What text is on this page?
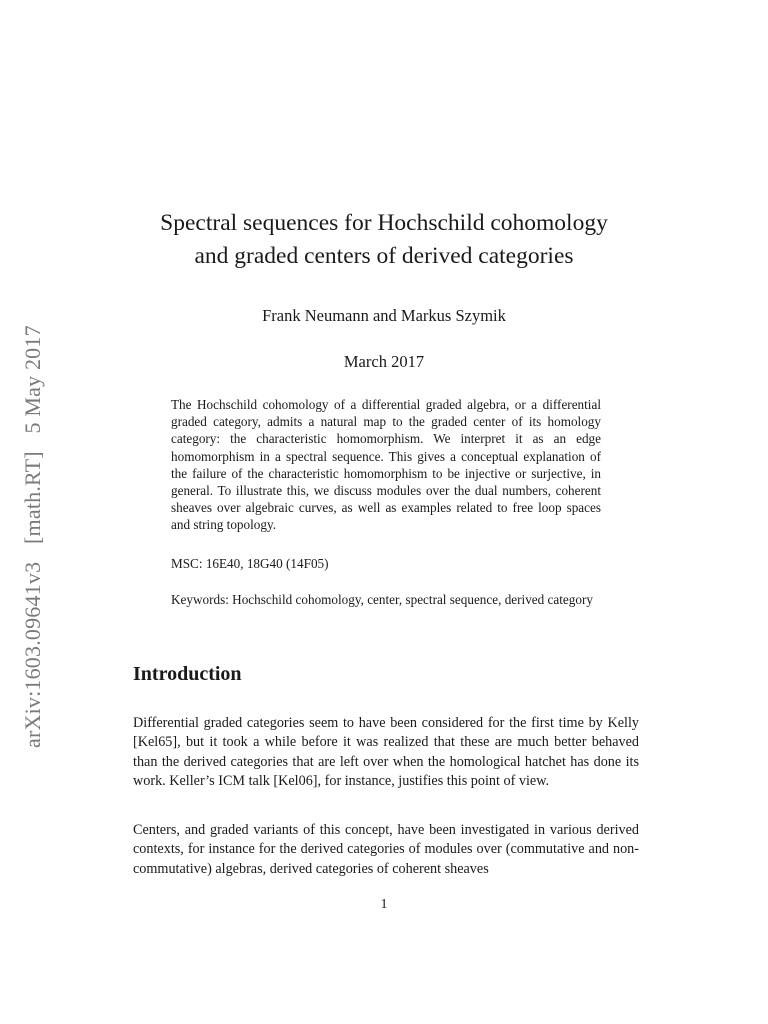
arXiv:1603.09641v3 [math.RT] 5 May 2017
Spectral sequences for Hochschild cohomology
and graded centers of derived categories
Frank Neumann and Markus Szymik
March 2017
The Hochschild cohomology of a differential graded algebra, or a differential graded category, admits a natural map to the graded center of its homology category: the characteristic homomorphism. We interpret it as an edge homomorphism in a spectral sequence. This gives a conceptual explanation of the failure of the characteristic homomorphism to be injective or surjective, in general. To illustrate this, we discuss modules over the dual numbers, coherent sheaves over algebraic curves, as well as examples related to free loop spaces and string topology.
MSC: 16E40, 18G40 (14F05)
Keywords: Hochschild cohomology, center, spectral sequence, derived category
Introduction
Differential graded categories seem to have been considered for the first time by Kelly [Kel65], but it took a while before it was realized that these are much better behaved than the derived categories that are left over when the homological hatchet has done its work. Keller’s ICM talk [Kel06], for instance, justifies this point of view.
Centers, and graded variants of this concept, have been investigated in various derived contexts, for instance for the derived categories of modules over (commutative and non-commutative) algebras, derived categories of coherent sheaves
1
